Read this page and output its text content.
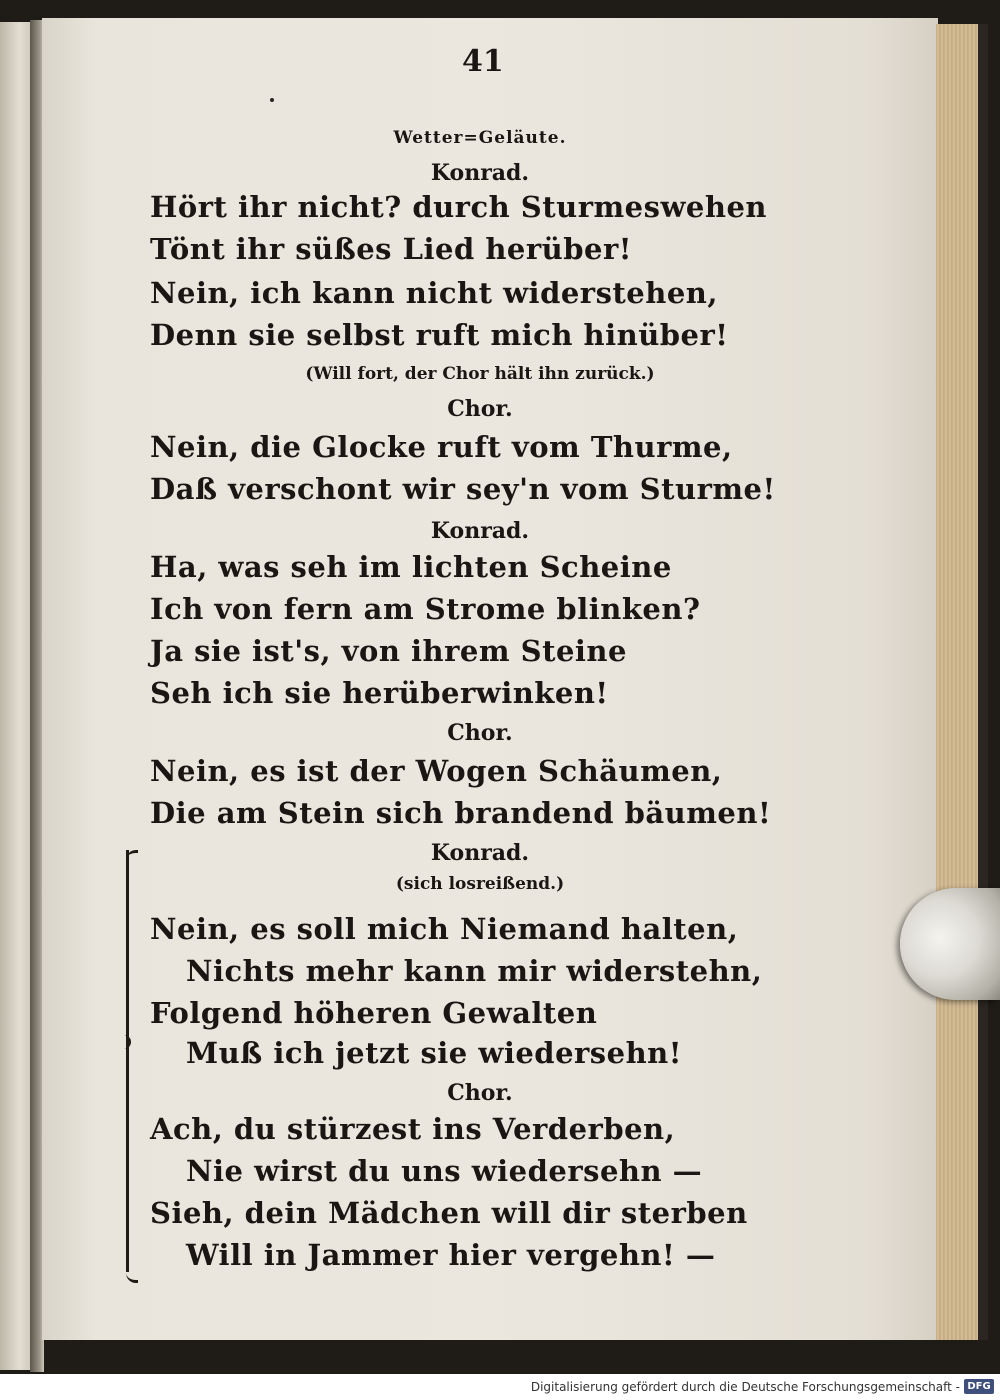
41

Wetter=Geläute.

Konrad.

Hört ihr nicht? durch Sturmeswehen

Tönt ihr süßes Lied herüber!

Nein, ich kann nicht widerstehen,

Denn sie selbst ruft mich hinüber!

(Will fort, der Chor hält ihn zurück.)

Chor.

Nein, die Glocke ruft vom Thurme,

Daß verschont wir sey'n vom Sturme!

Konrad.

Ha, was seh im lichten Scheine

Ich von fern am Strome blinken?

Ja sie ist's, von ihrem Steine

Seh ich sie herüberwinken!

Chor.

Nein, es ist der Wogen Schäumen,

Die am Stein sich brandend bäumen!

Konrad.

(sich losreißend.)

Nein, es soll mich Niemand halten,

Nichts mehr kann mir widerstehn,

Folgend höheren Gewalten

Muß ich jetzt sie wiedersehn!

Chor.

Ach, du stürzest ins Verderben,

Nie wirst du uns wiedersehn —

Sieh, dein Mädchen will dir sterben

Will in Jammer hier vergehn! —

Digitalisierung gefördert durch die Deutsche Forschungsgemeinschaft - DFG
